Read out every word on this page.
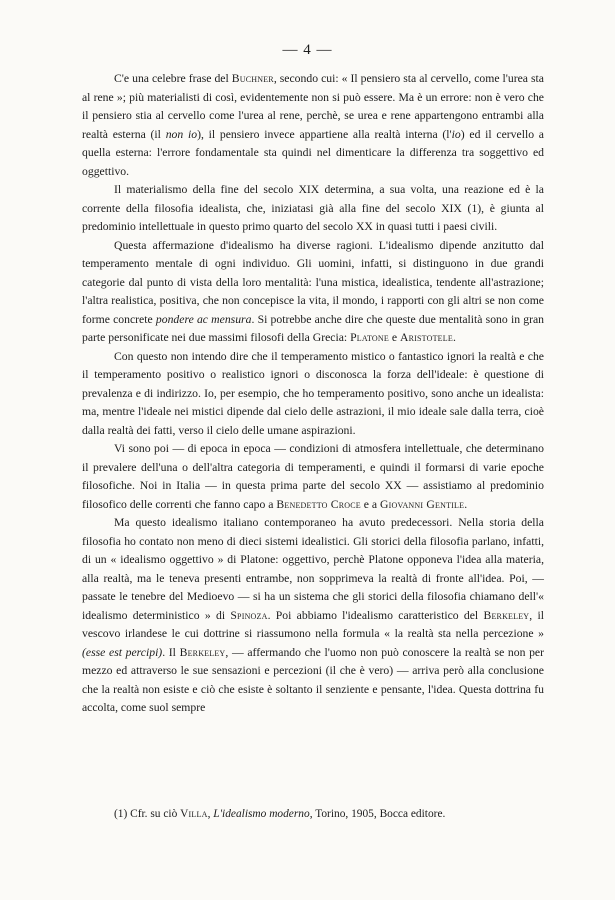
— 4 —

C'e una celebre frase del Buchner, secondo cui: « Il pensiero sta al cervello, come l'urea sta al rene »; più materialisti di così, evidentemente non si può essere. Ma è un errore: non è vero che il pensiero stia al cervello come l'urea al rene, perchè, se urea e rene appartengono entrambi alla realtà esterna (il non io), il pensiero invece appartiene alla realtà interna (l'io) ed il cervello a quella esterna: l'errore fondamentale sta quindi nel dimenticare la differenza tra soggettivo ed oggettivo.

Il materialismo della fine del secolo XIX determina, a sua volta, una reazione ed è la corrente della filosofia idealista, che, iniziatasi già alla fine del secolo XIX (1), è giunta al predominio intellettuale in questo primo quarto del secolo XX in quasi tutti i paesi civili.

Questa affermazione d'idealismo ha diverse ragioni. L'idealismo dipende anzitutto dal temperamento mentale di ogni individuo. Gli uomini, infatti, si distinguono in due grandi categorie dal punto di vista della loro mentalità: l'una mistica, idealistica, tendente all'astrazione; l'altra realistica, positiva, che non concepisce la vita, il mondo, i rapporti con gli altri se non come forme concrete pondere ac mensura. Si potrebbe anche dire che queste due mentalità sono in gran parte personificate nei due massimi filosofi della Grecia: Platone e Aristotele.

Con questo non intendo dire che il temperamento mistico o fantastico ignori la realtà e che il temperamento positivo o realistico ignori o disconosca la forza dell'ideale: è questione di prevalenza e di indirizzo. Io, per esempio, che ho temperamento positivo, sono anche un idealista: ma, mentre l'ideale nei mistici dipende dal cielo delle astrazioni, il mio ideale sale dalla terra, cioè dalla realtà dei fatti, verso il cielo delle umane aspirazioni.

Vi sono poi — di epoca in epoca — condizioni di atmosfera intellettuale, che determinano il prevalere dell'una o dell'altra categoria di temperamenti, e quindi il formarsi di varie epoche filosofiche. Noi in Italia — in questa prima parte del secolo XX — assistiamo al predominio filosofico delle correnti che fanno capo a Benedetto Croce e a Giovanni Gentile.

Ma questo idealismo italiano contemporaneo ha avuto predecessori. Nella storia della filosofia ho contato non meno di dieci sistemi idealistici. Gli storici della filosofia parlano, infatti, di un « idealismo oggettivo » di Platone: oggettivo, perchè Platone opponeva l'idea alla materia, alla realtà, ma le teneva presenti entrambe, non sopprimeva la realtà di fronte all'idea. Poi, — passate le tenebre del Medioevo — si ha un sistema che gli storici della filosofia chiamano dell'« idealismo deterministico » di Spinoza. Poi abbiamo l'idealismo caratteristico del Berkeley, il vescovo irlandese le cui dottrine si riassumono nella formula « la realtà sta nella percezione » (esse est percipi). Il Berkeley, — affermando che l'uomo non può conoscere la realtà se non per mezzo ed attraverso le sue sensazioni e percezioni (il che è vero) — arriva però alla conclusione che la realtà non esiste e ciò che esiste è soltanto il senziente e pensante, l'idea. Questa dottrina fu accolta, come suol sempre

(1) Cfr. su ciò Villa, L'idealismo moderno, Torino, 1905, Bocca editore.
